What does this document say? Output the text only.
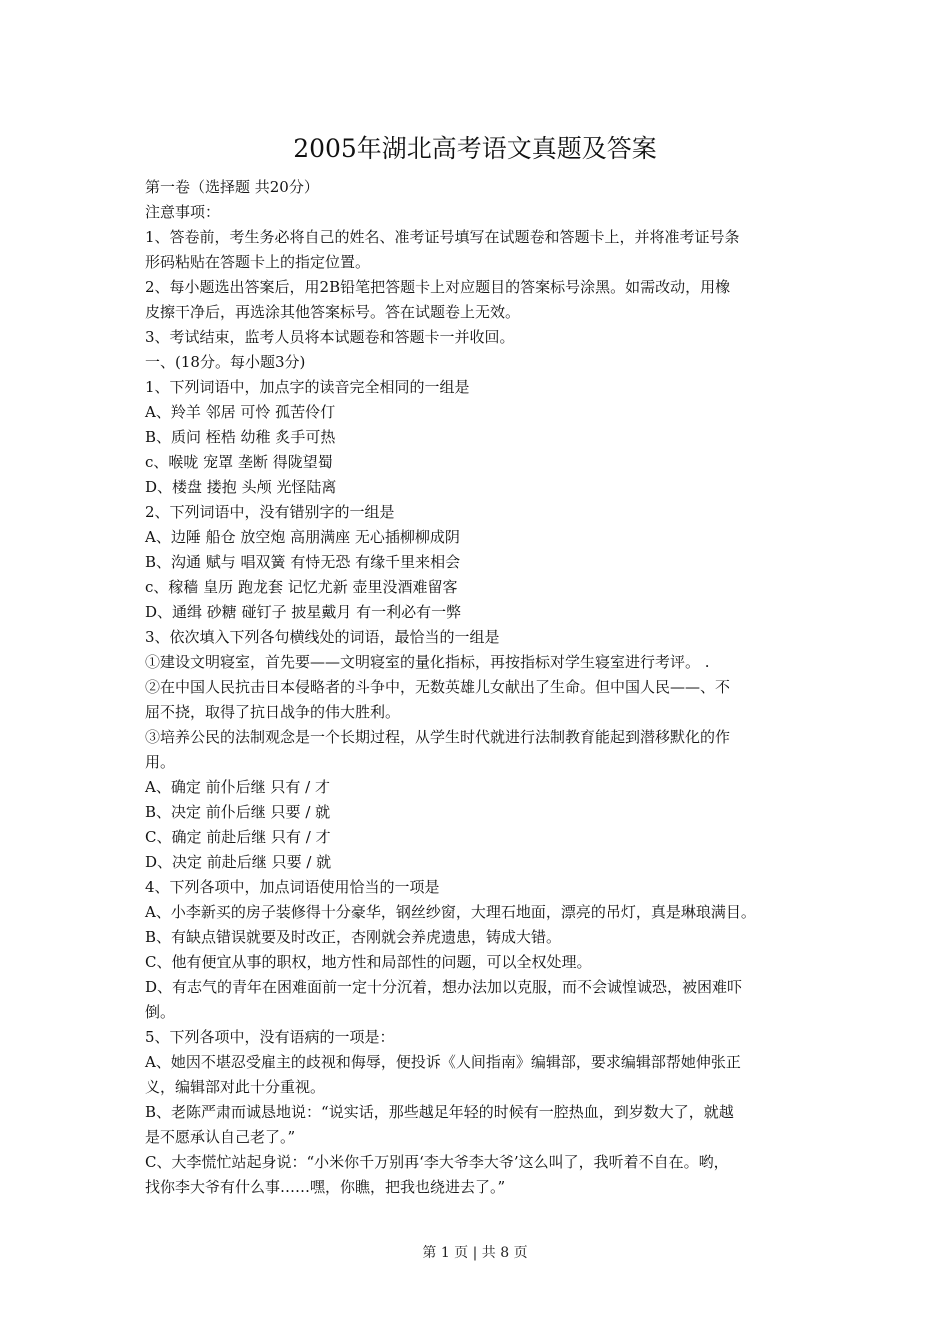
2005年湖北高考语文真题及答案
第一卷（选择题 共20分）
注意事项：
1、答卷前，考生务必将自己的姓名、准考证号填写在试题卷和答题卡上，并将准考证号条
形码粘贴在答题卡上的指定位置。
2、每小题选出答案后，用2B铅笔把答题卡上对应题目的答案标号涂黑。如需改动，用橡
皮擦干净后，再选涂其他答案标号。答在试题卷上无效。
3、考试结束，监考人员将本试题卷和答题卡一并收回。
一、(18分。每小题3分)
1、下列词语中，加点字的读音完全相同的一组是
A、羚羊 邻居 可怜 孤苦伶仃
B、质问 桎梏 幼稚 炙手可热
c、喉咙 宠罩 垄断 得陇望蜀
D、楼盘 搂抱 头颅 光怪陆离
2、下列词语中，没有错别字的一组是
A、边陲 船仓 放空炮 高朋满座 无心插柳柳成阴
B、沟通 赋与 唱双簧 有恃无恐 有缘千里来相会
c、稼穑 皇历 跑龙套 记忆尤新 壶里没酒难留客
D、通缉 砂糖 碰钉子 披星戴月 有一利必有一弊
3、依次填入下列各句横线处的词语，最恰当的一组是
①建设文明寝室，首先要——文明寝室的量化指标，再按指标对学生寝室进行考评。 .
②在中国人民抗击日本侵略者的斗争中，无数英雄儿女献出了生命。但中国人民——、不
屈不挠，取得了抗日战争的伟大胜利。
③培养公民的法制观念是一个长期过程，从学生时代就进行法制教育能起到潜移默化的作
用。
A、确定 前仆后继 只有 / 才
B、决定 前仆后继 只要 / 就
C、确定 前赴后继 只有 / 才
D、决定 前赴后继 只要 / 就
4、下列各项中，加点词语使用恰当的一项是
A、小李新买的房子装修得十分豪华，钢丝纱窗，大理石地面，漂亮的吊灯，真是琳琅满目。
B、有缺点错误就要及时改正，杏刚就会养虎遗患，铸成大错。
C、他有便宜从事的职权，地方性和局部性的问题，可以全权处理。
D、有志气的青年在困难面前一定十分沉着，想办法加以克服，而不会诚惶诚恐，被困难吓
倒。
5、下列各项中，没有语病的一项是：
A、她因不堪忍受雇主的歧视和侮辱，便投诉《人间指南》编辑部，要求编辑部帮她伸张正
义，编辑部对此十分重视。
B、老陈严肃而诚恳地说：“说实话，那些越足年轻的时候有一腔热血，到岁数大了，就越
是不愿承认自己老了。”
C、大李慌忙站起身说：“小米你千万别再‘李大爷李大爷’这么叫了，我听着不自在。哟，
找你李大爷有什么事……嘿，你瞧，把我也绕进去了。”
第 1 页 | 共 8 页
